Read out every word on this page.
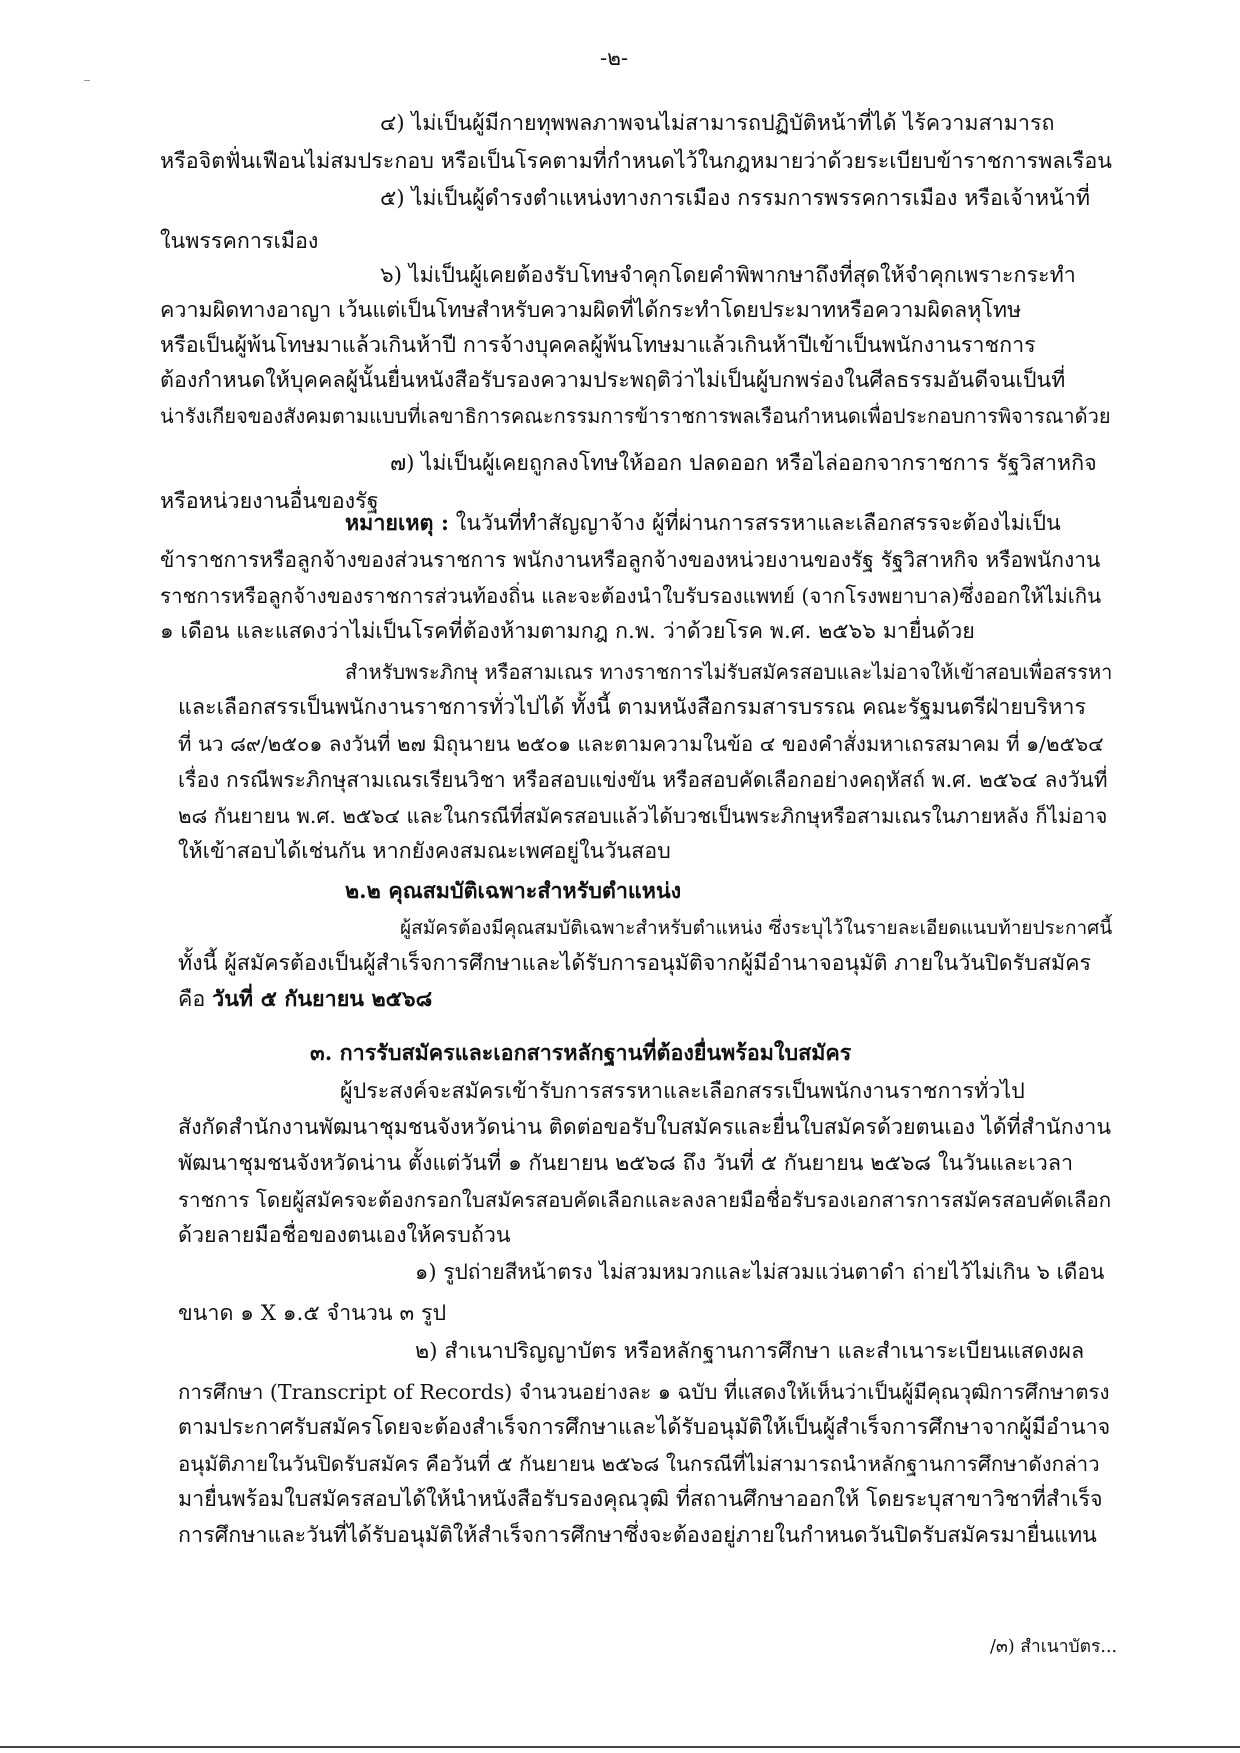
-๒-
๔) ไม่เป็นผู้มีกายทุพพลภาพจนไม่สามารถปฏิบัติหน้าที่ได้ ไร้ความสามารถ
หรือจิตฟั่นเฟือนไม่สมประกอบ หรือเป็นโรคตามที่กำหนดไว้ในกฎหมายว่าด้วยระเบียบข้าราชการพลเรือน
๕) ไม่เป็นผู้ดำรงตำแหน่งทางการเมือง กรรมการพรรคการเมือง หรือเจ้าหน้าที่
ในพรรคการเมือง
๖) ไม่เป็นผู้เคยต้องรับโทษจำคุกโดยคำพิพากษาถึงที่สุดให้จำคุกเพราะกระทำ
ความผิดทางอาญา เว้นแต่เป็นโทษสำหรับความผิดที่ได้กระทำโดยประมาทหรือความผิดลหุโทษ
หรือเป็นผู้พ้นโทษมาแล้วเกินห้าปี การจ้างบุคคลผู้พ้นโทษมาแล้วเกินห้าปีเข้าเป็นพนักงานราชการ
ต้องกำหนดให้บุคคลผู้นั้นยื่นหนังสือรับรองความประพฤติว่าไม่เป็นผู้บกพร่องในศีลธรรมอันดีจนเป็นที่
น่ารังเกียจของสังคมตามแบบที่เลขาธิการคณะกรรมการข้าราชการพลเรือนกำหนดเพื่อประกอบการพิจารณาด้วย
๗) ไม่เป็นผู้เคยถูกลงโทษให้ออก ปลดออก หรือไล่ออกจากราชการ รัฐวิสาหกิจ
หรือหน่วยงานอื่นของรัฐ
หมายเหตุ : ในวันที่ทำสัญญาจ้าง ผู้ที่ผ่านการสรรหาและเลือกสรรจะต้องไม่เป็น
ข้าราชการหรือลูกจ้างของส่วนราชการ พนักงานหรือลูกจ้างของหน่วยงานของรัฐ รัฐวิสาหกิจ หรือพนักงาน
ราชการหรือลูกจ้างของราชการส่วนท้องถิ่น และจะต้องนำใบรับรองแพทย์ (จากโรงพยาบาล)ซึ่งออกให้ไม่เกิน
๑ เดือน และแสดงว่าไม่เป็นโรคที่ต้องห้ามตามกฎ ก.พ. ว่าด้วยโรค พ.ศ. ๒๕๖๖ มายื่นด้วย
สำหรับพระภิกษุ หรือสามเณร ทางราชการไม่รับสมัครสอบและไม่อาจให้เข้าสอบเพื่อสรรหา
และเลือกสรรเป็นพนักงานราชการทั่วไปได้ ทั้งนี้ ตามหนังสือกรมสารบรรณ คณะรัฐมนตรีฝ่ายบริหาร
ที่ นว ๘๙/๒๕๐๑ ลงวันที่ ๒๗ มิถุนายน ๒๕๐๑ และตามความในข้อ ๔ ของคำสั่งมหาเถรสมาคม ที่ ๑/๒๕๖๔
เรื่อง กรณีพระภิกษุสามเณรเรียนวิชา หรือสอบแข่งขัน หรือสอบคัดเลือกอย่างคฤหัสถ์ พ.ศ. ๒๕๖๔ ลงวันที่
๒๘ กันยายน พ.ศ. ๒๕๖๔ และในกรณีที่สมัครสอบแล้วได้บวชเป็นพระภิกษุหรือสามเณรในภายหลัง ก็ไม่อาจ
ให้เข้าสอบได้เช่นกัน หากยังคงสมณะเพศอยู่ในวันสอบ
๒.๒ คุณสมบัติเฉพาะสำหรับตำแหน่ง
ผู้สมัครต้องมีคุณสมบัติเฉพาะสำหรับตำแหน่ง ซึ่งระบุไว้ในรายละเอียดแนบท้ายประกาศนี้
ทั้งนี้ ผู้สมัครต้องเป็นผู้สำเร็จการศึกษาและได้รับการอนุมัติจากผู้มีอำนาจอนุมัติ ภายในวันปิดรับสมัคร
คือ วันที่ ๕ กันยายน ๒๕๖๘
๓. การรับสมัครและเอกสารหลักฐานที่ต้องยื่นพร้อมใบสมัคร
ผู้ประสงค์จะสมัครเข้ารับการสรรหาและเลือกสรรเป็นพนักงานราชการทั่วไป
สังกัดสำนักงานพัฒนาชุมชนจังหวัดน่าน ติดต่อขอรับใบสมัครและยื่นใบสมัครด้วยตนเอง ได้ที่สำนักงาน
พัฒนาชุมชนจังหวัดน่าน ตั้งแต่วันที่ ๑ กันยายน ๒๕๖๘ ถึง วันที่ ๕ กันยายน ๒๕๖๘ ในวันและเวลา
ราชการ โดยผู้สมัครจะต้องกรอกใบสมัครสอบคัดเลือกและลงลายมือชื่อรับรองเอกสารการสมัครสอบคัดเลือก
ด้วยลายมือชื่อของตนเองให้ครบถ้วน
๑) รูปถ่ายสีหน้าตรง ไม่สวมหมวกและไม่สวมแว่นตาดำ ถ่ายไว้ไม่เกิน ๖ เดือน
ขนาด ๑ X ๑.๕ จำนวน ๓ รูป
๒) สำเนาปริญญาบัตร หรือหลักฐานการศึกษา และสำเนาระเบียนแสดงผล
การศึกษา (Transcript of Records) จำนวนอย่างละ ๑ ฉบับ ที่แสดงให้เห็นว่าเป็นผู้มีคุณวุฒิการศึกษาตรง
ตามประกาศรับสมัครโดยจะต้องสำเร็จการศึกษาและได้รับอนุมัติให้เป็นผู้สำเร็จการศึกษาจากผู้มีอำนาจ
อนุมัติภายในวันปิดรับสมัคร คือวันที่ ๕ กันยายน ๒๕๖๘ ในกรณีที่ไม่สามารถนำหลักฐานการศึกษาดังกล่าว
มายื่นพร้อมใบสมัครสอบได้ให้นำหนังสือรับรองคุณวุฒิ ที่สถานศึกษาออกให้ โดยระบุสาขาวิชาที่สำเร็จ
การศึกษาและวันที่ได้รับอนุมัติให้สำเร็จการศึกษาซึ่งจะต้องอยู่ภายในกำหนดวันปิดรับสมัครมายื่นแทน
/๓) สำเนาบัตร...
